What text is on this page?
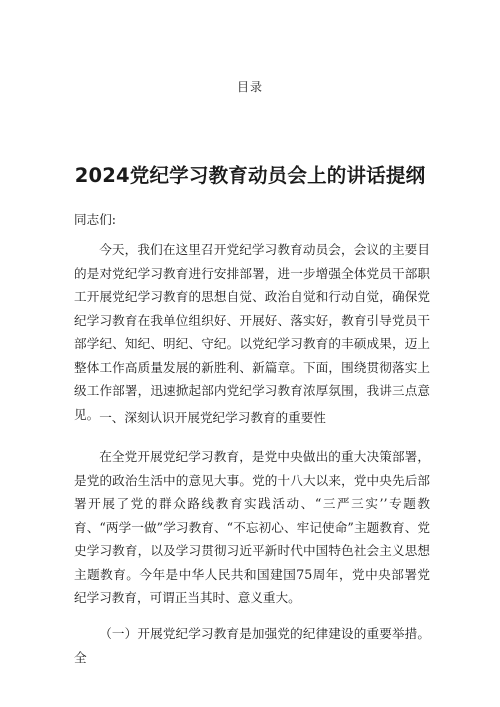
目录
2024党纪学习教育动员会上的讲话提纲

同志们:

今天，我们在这里召开党纪学习教育动员会，会议的主要目的是对党纪学习教育进行安排部署，进一步增强全体党员干部职工开展党纪学习教育的思想自觉、政治自觉和行动自觉，确保党纪学习教育在我单位组织好、开展好、落实好，教育引导党员干部学纪、知纪、明纪、守纪。以党纪学习教育的丰硕成果，迈上整体工作高质量发展的新胜利、新篇章。下面，围绕贯彻落实上级工作部署，迅速掀起部内党纪学习教育浓厚氛围，我讲三点意见。 一、深刻认识开展党纪学习教育的重要性

在全党开展党纪学习教育，是党中央做出的重大决策部署，是党的政治生活中的意见大事。党的十八大以来，党中央先后部署开展了党的群众路线教育实践活动、“三严三实’’专题教育、“两学一做”学习教育、“不忘初心、牢记使命”主题教育、党史学习教育，以及学习贯彻习近平新时代中国特色社会主义思想主题教育。今年是中华人民共和国建国75周年，党中央部署党纪学习教育，可谓正当其时、意义重大。

（一）开展党纪学习教育是加强党的纪律建设的重要举措。全
